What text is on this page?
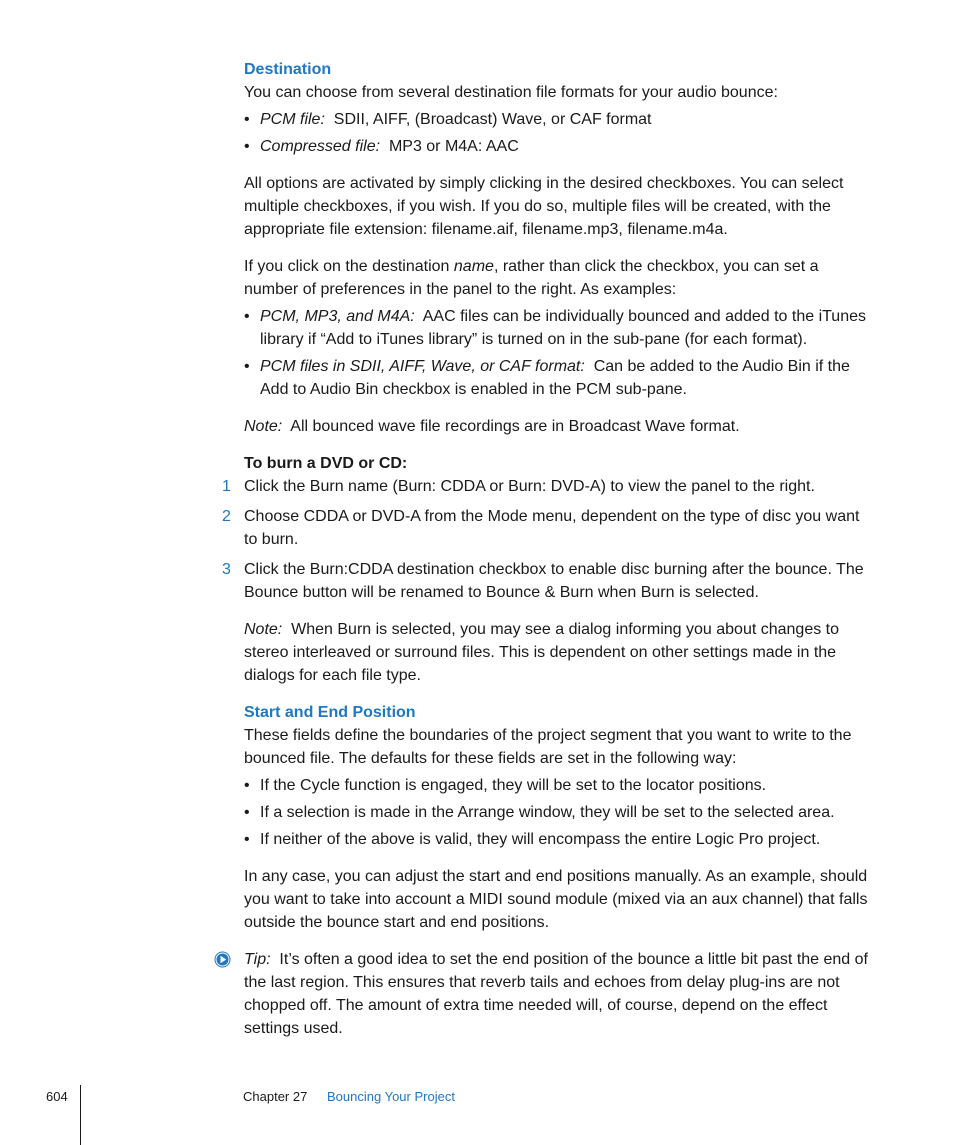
Destination

You can choose from several destination file formats for your audio bounce:

• PCM file: SDII, AIFF, (Broadcast) Wave, or CAF format
• Compressed file: MP3 or M4A: AAC

All options are activated by simply clicking in the desired checkboxes. You can select multiple checkboxes, if you wish. If you do so, multiple files will be created, with the appropriate file extension: filename.aif, filename.mp3, filename.m4a.

If you click on the destination name, rather than click the checkbox, you can set a number of preferences in the panel to the right. As examples:

• PCM, MP3, and M4A: AAC files can be individually bounced and added to the iTunes library if “Add to iTunes library” is turned on in the sub-pane (for each format).
• PCM files in SDII, AIFF, Wave, or CAF format: Can be added to the Audio Bin if the Add to Audio Bin checkbox is enabled in the PCM sub-pane.

Note: All bounced wave file recordings are in Broadcast Wave format.

To burn a DVD or CD:

1 Click the Burn name (Burn: CDDA or Burn: DVD-A) to view the panel to the right.
2 Choose CDDA or DVD-A from the Mode menu, dependent on the type of disc you want to burn.
3 Click the Burn:CDDA destination checkbox to enable disc burning after the bounce. The Bounce button will be renamed to Bounce & Burn when Burn is selected.

Note: When Burn is selected, you may see a dialog informing you about changes to stereo interleaved or surround files. This is dependent on other settings made in the dialogs for each file type.

Start and End Position

These fields define the boundaries of the project segment that you want to write to the bounced file. The defaults for these fields are set in the following way:

• If the Cycle function is engaged, they will be set to the locator positions.
• If a selection is made in the Arrange window, they will be set to the selected area.
• If neither of the above is valid, they will encompass the entire Logic Pro project.

In any case, you can adjust the start and end positions manually. As an example, should you want to take into account a MIDI sound module (mixed via an aux channel) that falls outside the bounce start and end positions.

Tip: It’s often a good idea to set the end position of the bounce a little bit past the end of the last region. This ensures that reverb tails and echoes from delay plug-ins are not chopped off. The amount of extra time needed will, of course, depend on the effect settings used.

604	Chapter 27 Bouncing Your Project
